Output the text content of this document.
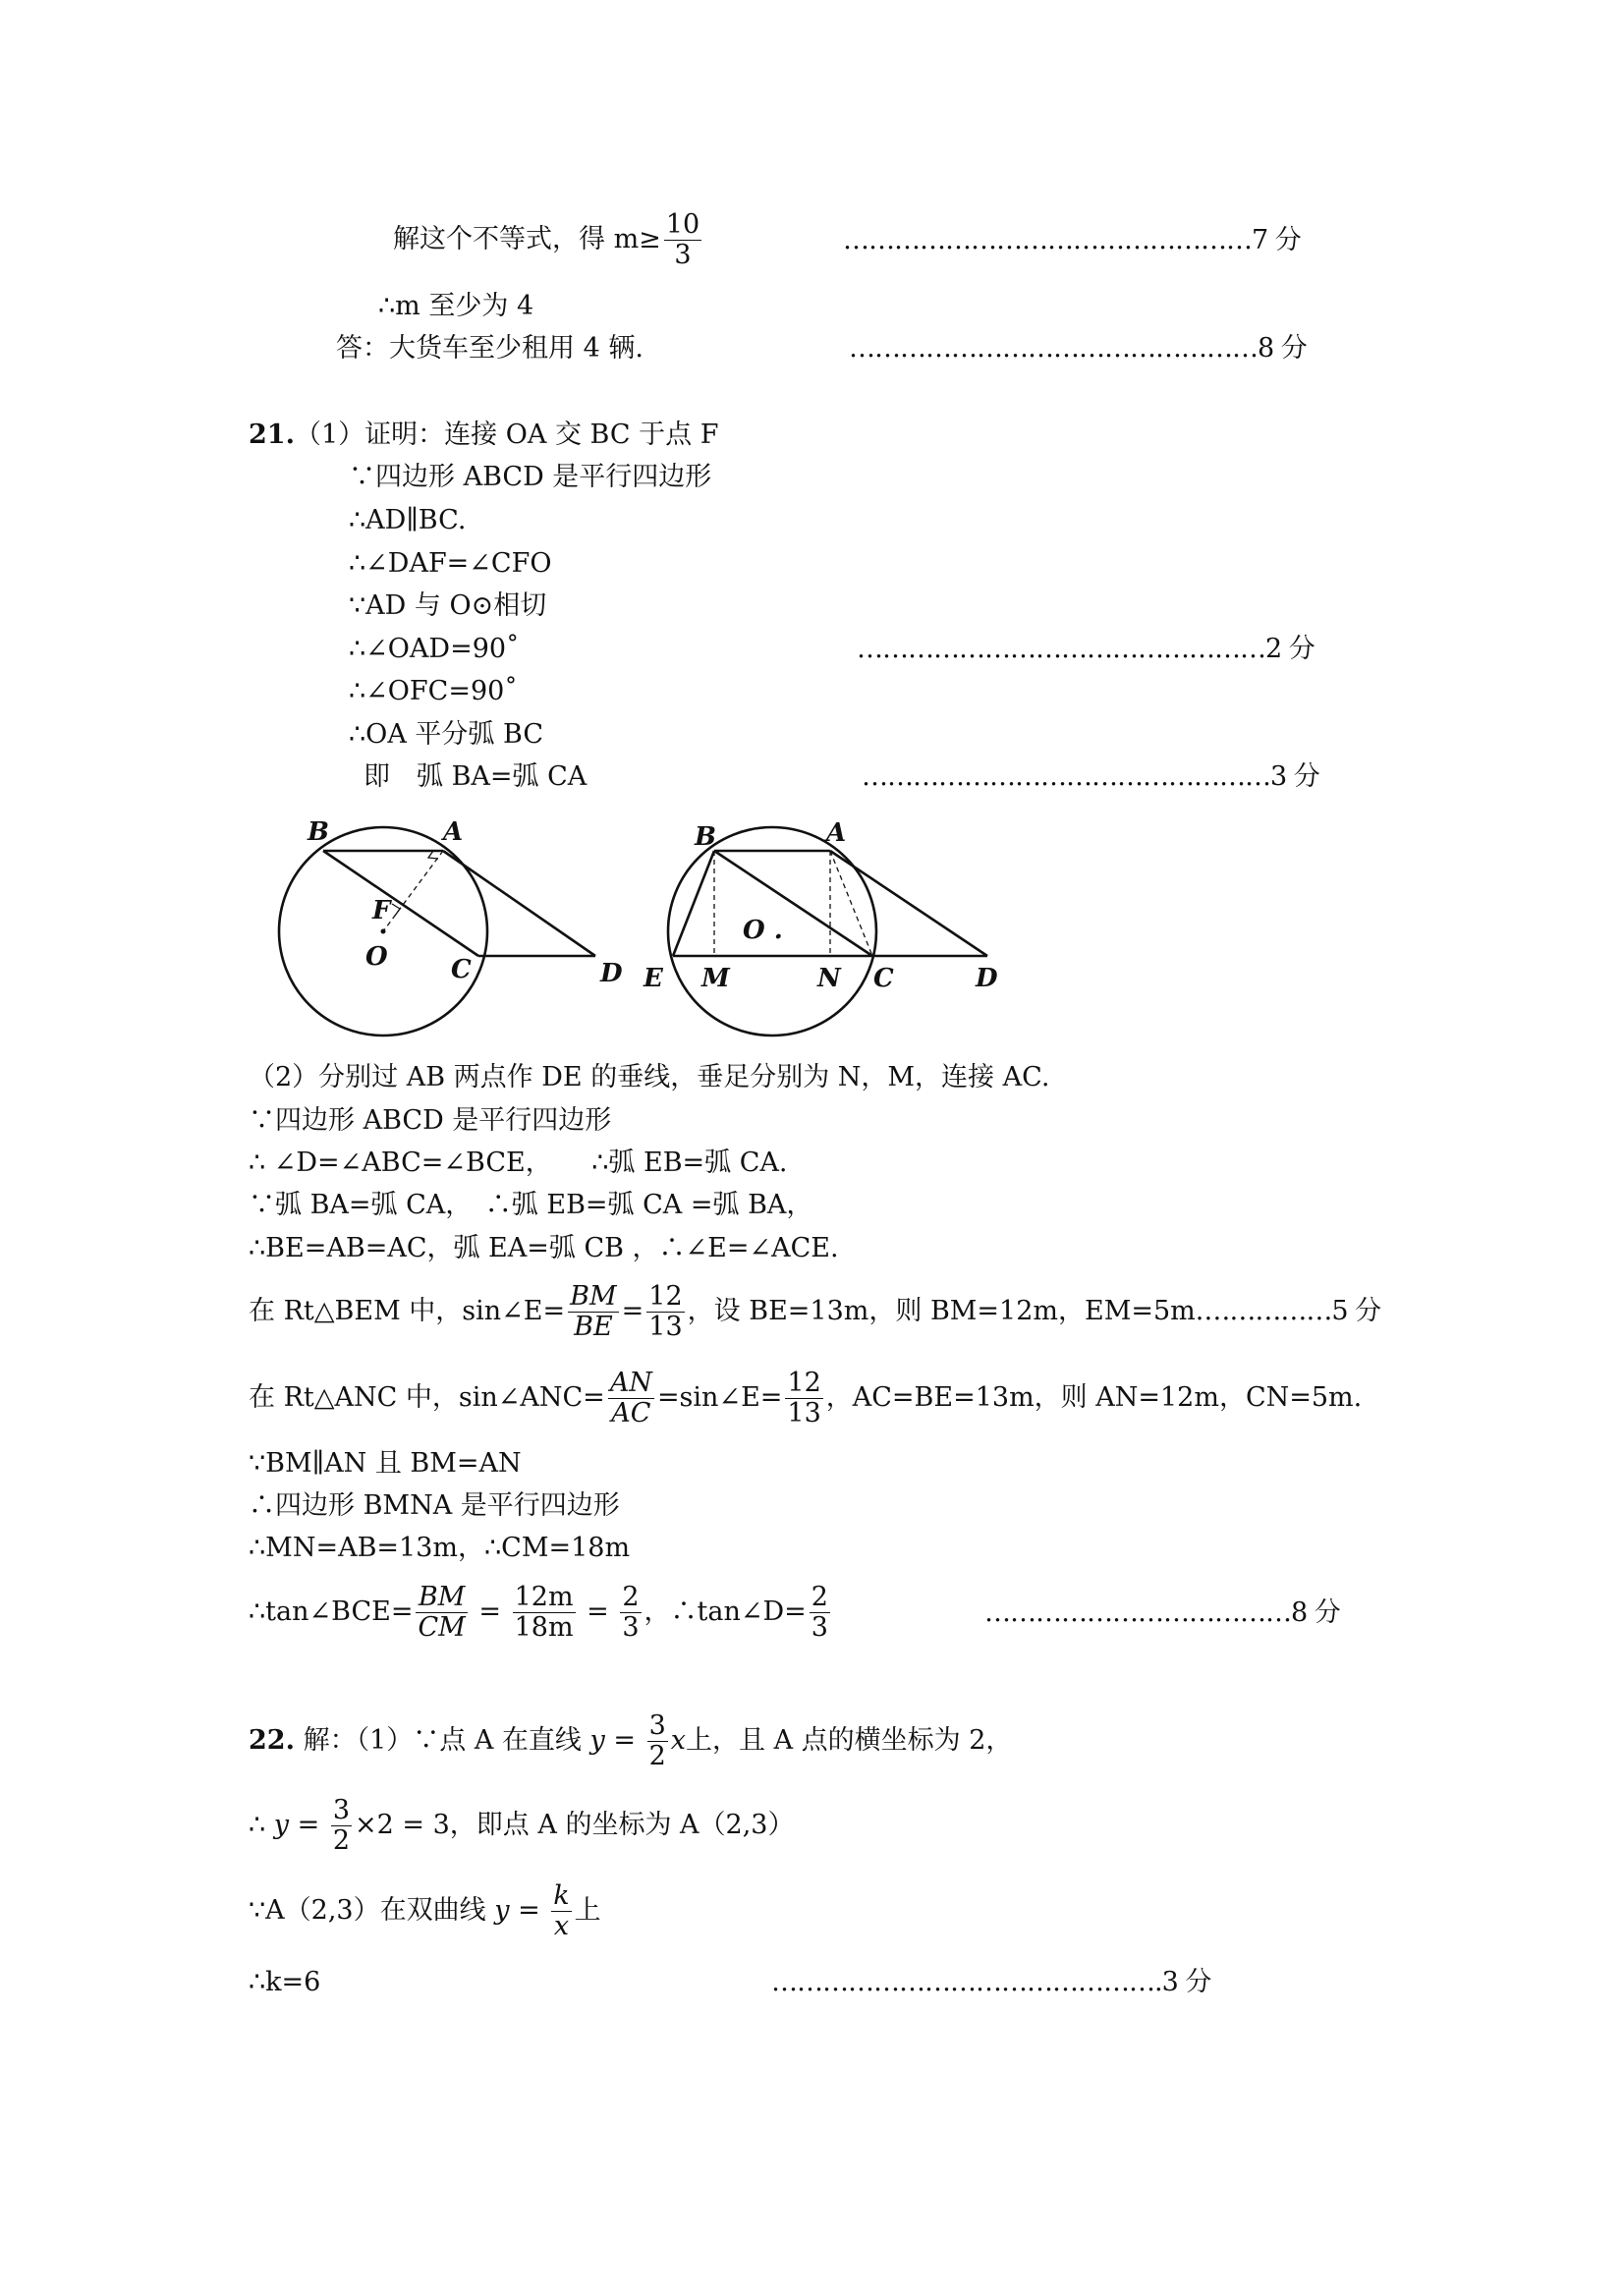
解这个不等式，得 $m\ge \frac{10}{3}$	…………………………………………7 分
∴m 至少为 4
答：大货车至少租用 4 辆.	…………………………………………8 分
21.（1）证明：连接 OA 交 BC 于点 F
∵四边形 ABCD 是平行四边形
∴AD∥BC.
∴∠DAF=∠CFO
∵AD 与 O⊙相切
∴∠OAD=90˚	…………………………………………2 分
∴∠OFC=90˚
∴OA 平分弧 BC
即　弧 BA=弧 CA	…………………………………………3 分
B	A
F
O C	D
B	A
O .
E M	N C	D
（2）分别过 AB 两点作 DE 的垂线，垂足分别为 N，M，连接 AC.
∵四边形 ABCD 是平行四边形
∴ ∠D=∠ABC=∠BCE，　　∴弧 EB=弧 CA.
∵弧 BA=弧 CA，　∴弧 EB=弧 CA =弧 BA，
∴BE=AB=AC，弧 EA=弧 CB ，∴∠E=∠ACE.
在 Rt△BEM 中，sin∠E= $\frac{BM}{BE} = \frac{12}{13}$ ，设 BE=13m，则 BM=12m，EM=5m.……………5 分
在 Rt△ANC 中，sin∠ANC= $\frac{AN}{AC}$ =sin∠E= $\frac{12}{13}$ ，AC=BE=13m，则 AN=12m，CN=5m.
∵BM∥AN 且 BM=AN
∴四边形 BMNA 是平行四边形
∴MN=AB=13m，∴CM=18m
∴tan∠BCE= $\frac{BM}{CM} = \frac{12m}{18m} = \frac{2}{3}$ ，∴tan∠D= $\frac{2}{3}$	………………………………8 分
22. 解：（1）∵点 A 在直线 $y = \frac{3}{2}$ x上，且 A 点的横坐标为 2，
∴ $y = \frac{3}{2} \times 2 = 3$，即点 A 的坐标为 A（2,3）
∵A（2,3）在双曲线 $y = \frac{k}{x}$ 上
∴k=6	……………………………………….3 分
